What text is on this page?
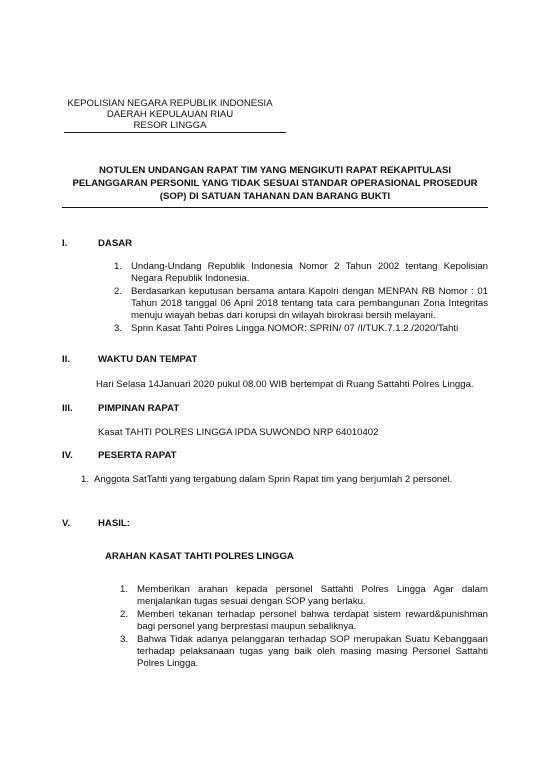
KEPOLISIAN NEGARA REPUBLIK INDONESIA
DAERAH KEPULAUAN RIAU
RESOR LINGGA
NOTULEN UNDANGAN RAPAT TIM YANG MENGIKUTI RAPAT REKAPITULASI PELANGGARAN PERSONIL YANG TIDAK SESUAI STANDAR OPERASIONAL PROSEDUR (SOP) DI SATUAN TAHANAN DAN BARANG BUKTI
I.	DASAR
1. Undang-Undang Republik Indonesia Nomor 2 Tahun 2002 tentang Kepolisian Negara Republik Indonesia.
2. Berdasarkan keputusan bersama antara Kapolri dengan MENPAN RB Nomor : 01 Tahun 2018 tanggal 06 April 2018 tentang tata cara pembangunan Zona Integritas menuju wiayah bebas dari korupsi dn wilayah birokrasi bersih melayani.
3. Sprin Kasat Tahti Polres Lingga NOMOR: SPRIN/ 07 /I/TUK.7.1.2./2020/Tahti
II.	WAKTU DAN TEMPAT
Hari Selasa 14Januari 2020 pukul 08.00 WIB bertempat di Ruang Sattahti Polres Lingga.
III.	PIMPINAN RAPAT
Kasat TAHTI POLRES LINGGA IPDA SUWONDO NRP 64010402
IV.	PESERTA RAPAT
1. Anggota SatTahti yang tergabung dalam Sprin Rapat tim yang berjumlah 2 personel.
V.	HASIL:
ARAHAN KASAT TAHTI POLRES LINGGA
1. Memberikan arahan kepada personel Sattahti Polres Lingga Agar dalam menjalankan tugas sesuai dengan SOP yang berlaku.
2. Memberi tekanan terhadap personel bahwa terdapat sistem reward&punishman bagi personel yang berprestasi maupun sebaliknya.
3. Bahwa Tidak adanya pelanggaran terhadap SOP merupakan Suatu Kebanggaan terhadap pelaksanaan tugas yang baik oleh masing masing Personel Sattahti Polres Lingga.
